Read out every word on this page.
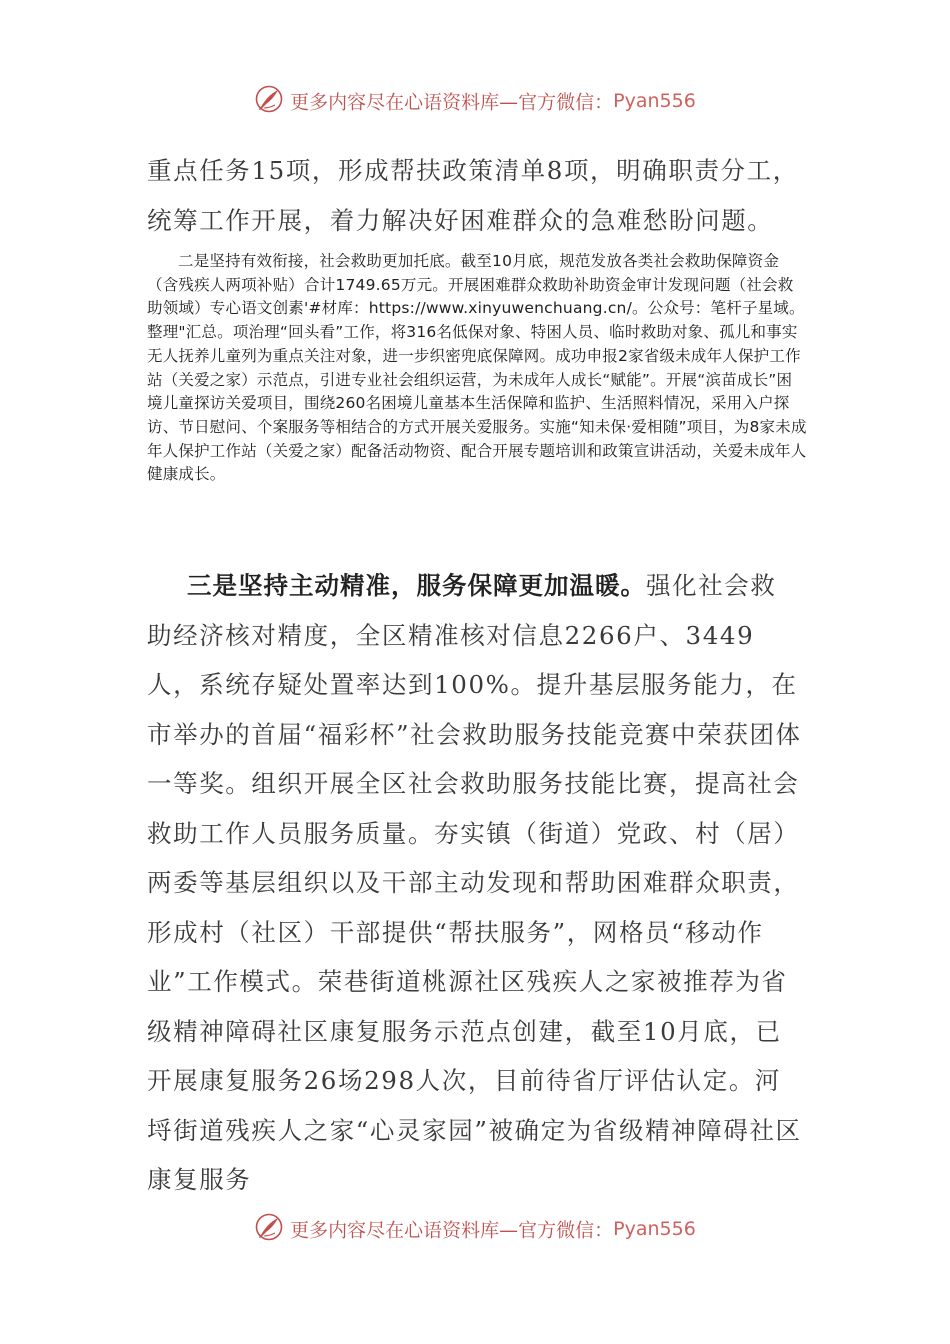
更多内容尽在心语资料库—官方微信：Pyan556

重点任务15项，形成帮扶政策清单8项，明确职责分工，统筹工作开展，着力解决好困难群众的急难愁盼问题。

二是坚持有效衔接，社会救助更加托底。截至10月底，规范发放各类社会救助保障资金（含残疾人两项补贴）合计1749.65万元。开展困难群众救助补助资金审计发现问题（社会救助领域）专心语文创素'#材库：https://www.xinyuwenchuang.cn/。公众号：笔杆子星域。整理"汇总。项治理“回头看”工作，将316名低保对象、特困人员、临时救助对象、孤儿和事实无人抚养儿童列为重点关注对象，进一步织密兜底保障网。成功申报2家省级未成年人保护工作站（关爱之家）示范点，引进专业社会组织运营，为未成年人成长“赋能”。开展“滨苗成长”困境儿童探访关爱项目，围绕260名困境儿童基本生活保障和监护、生活照料情况，采用入户探访、节日慰问、个案服务等相结合的方式开展关爱服务。实施“知未保·爱相随”项目，为8家未成年人保护工作站（关爱之家）配备活动物资、配合开展专题培训和政策宣讲活动，关爱未成年人健康成长。

三是坚持主动精准，服务保障更加温暖。强化社会救助经济核对精度，全区精准核对信息2266户、3449人，系统存疑处置率达到100%。提升基层服务能力，在市举办的首届“福彩杯”社会救助服务技能竞赛中荣获团体一等奖。组织开展全区社会救助服务技能比赛，提高社会救助工作人员服务质量。夯实镇（街道）党政、村（居）两委等基层组织以及干部主动发现和帮助困难群众职责，形成村（社区）干部提供“帮扶服务”，网格员“移动作业”工作模式。荣巷街道桃源社区残疾人之家被推荐为省级精神障碍社区康复服务示范点创建，截至10月底，已开展康复服务26场298人次，目前待省厅评估认定。河埒街道残疾人之家“心灵家园”被确定为省级精神障碍社区康复服务

更多内容尽在心语资料库—官方微信：Pyan556
